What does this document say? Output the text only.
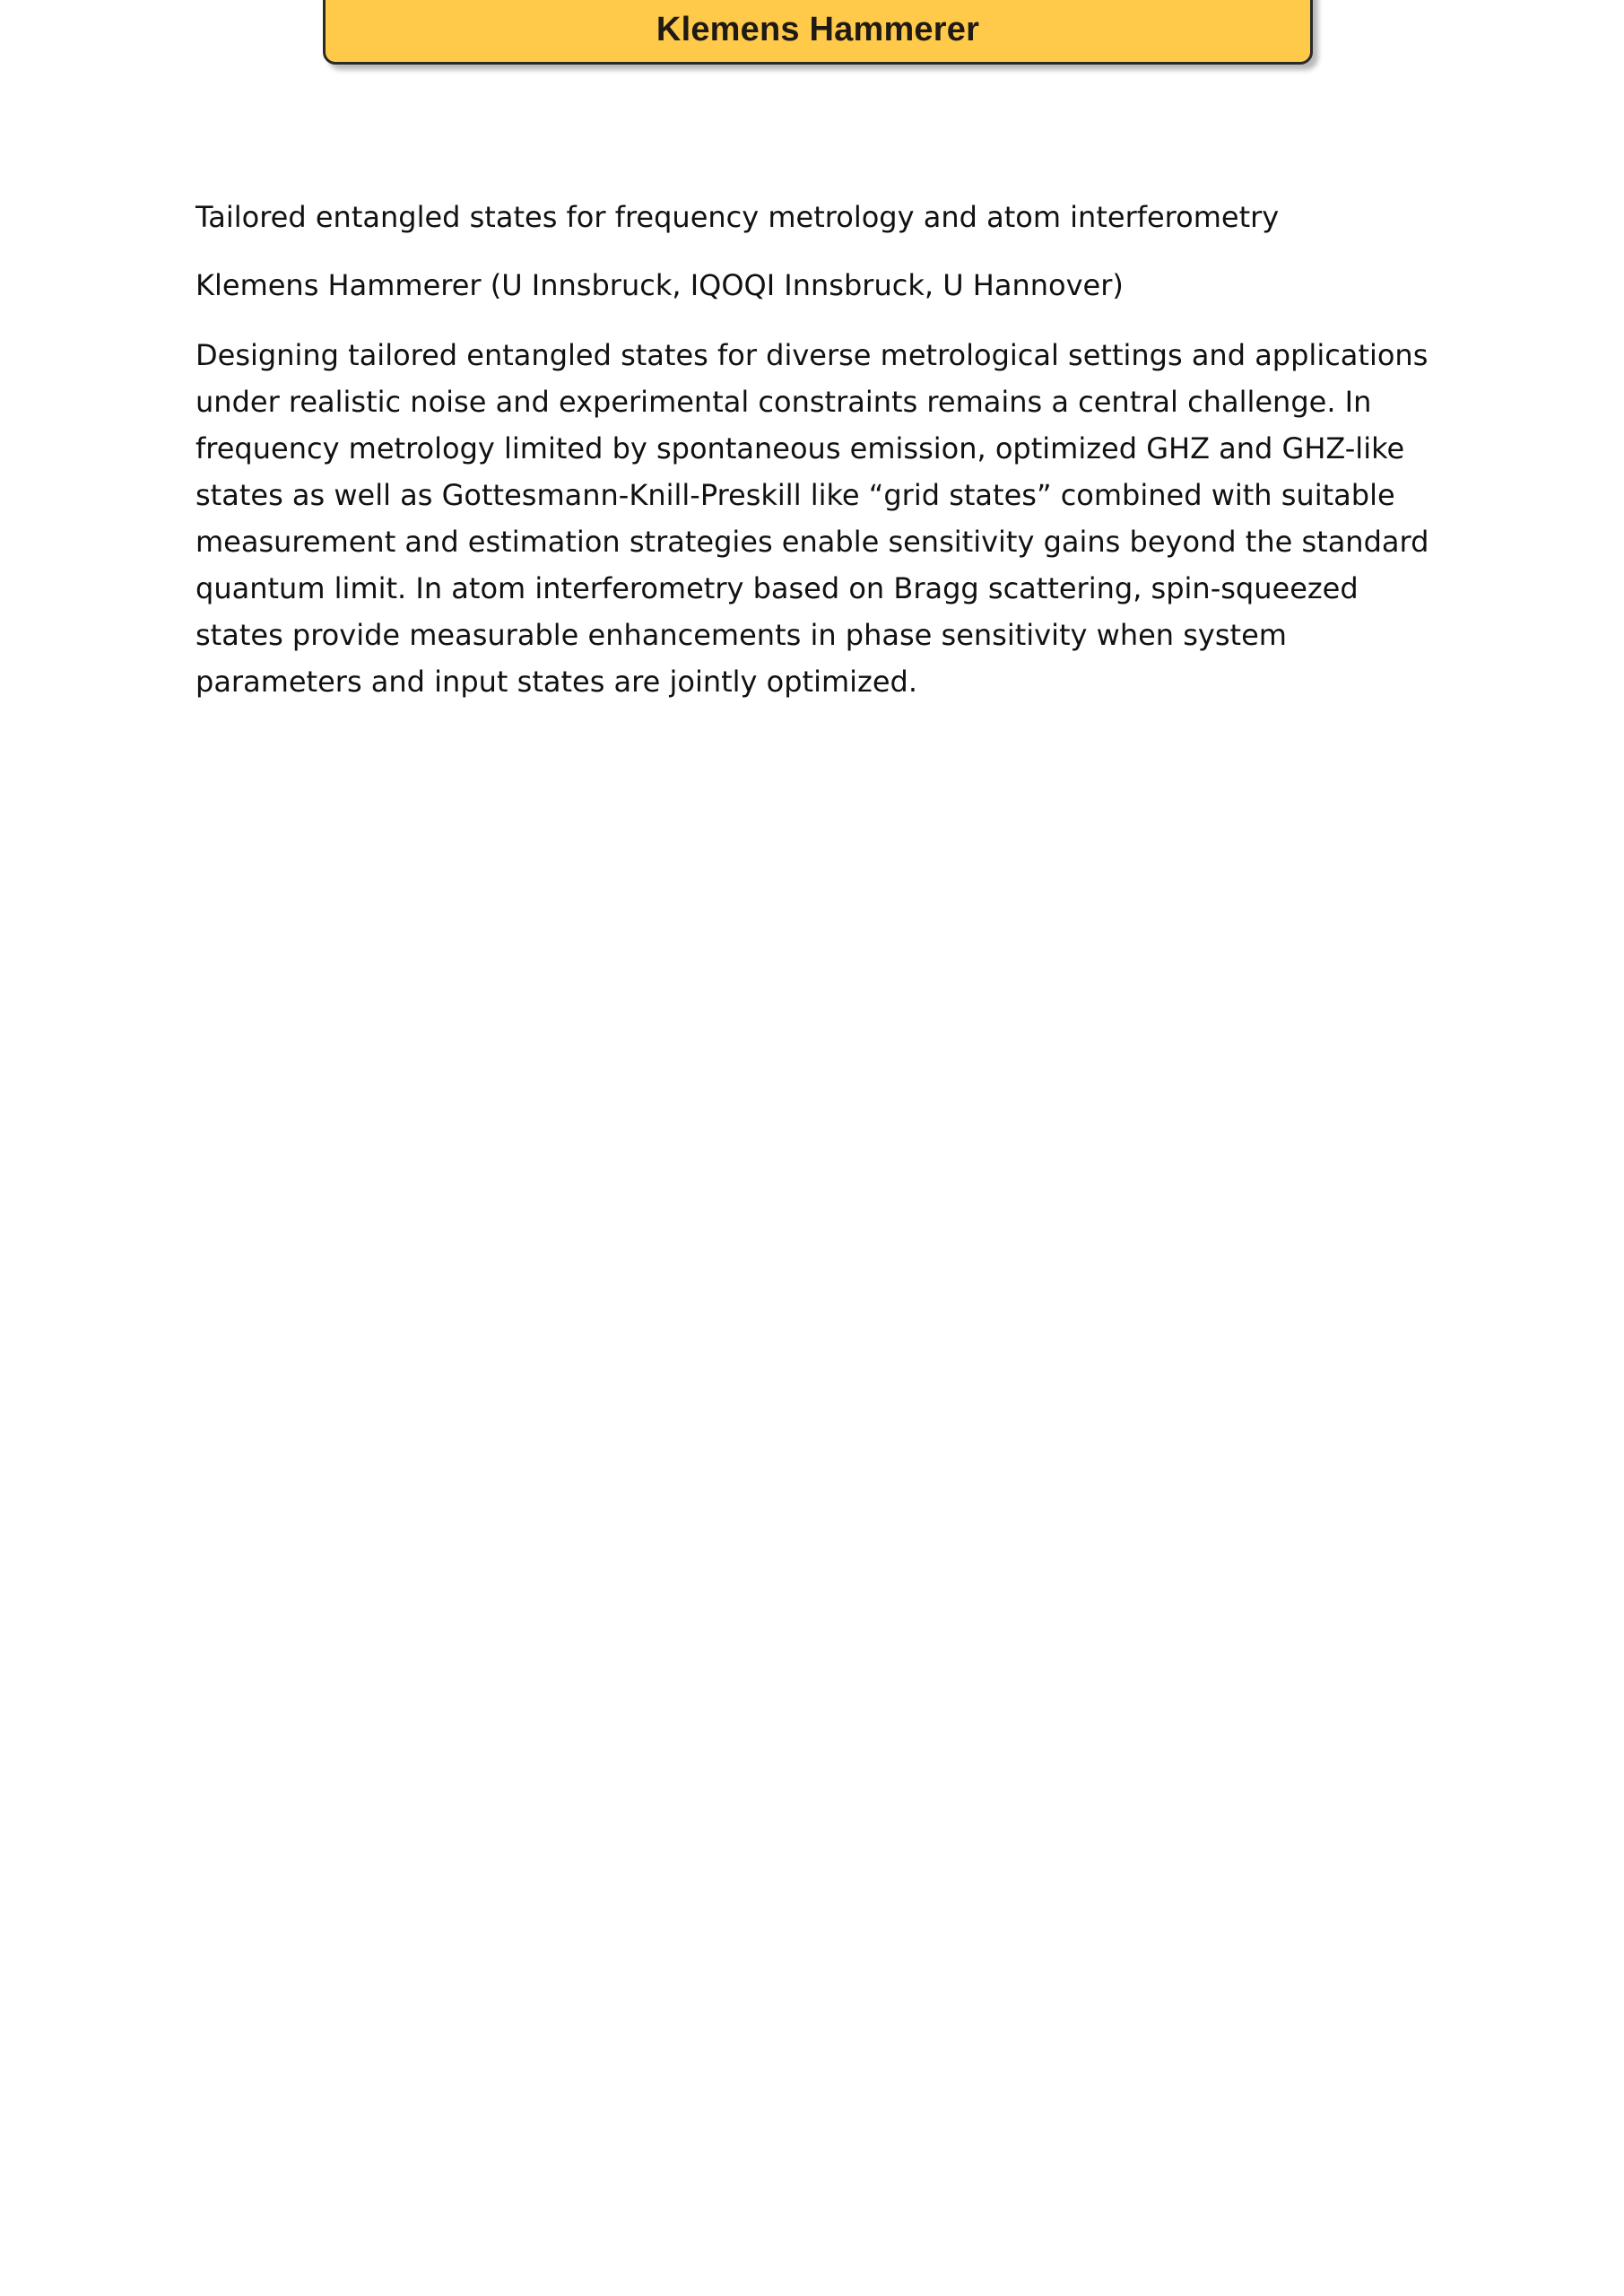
Klemens Hammerer

Tailored entangled states for frequency metrology and atom interferometry

Klemens Hammerer (U Innsbruck, IQOQI Innsbruck, U Hannover)

Designing tailored entangled states for diverse metrological settings and applications under realistic noise and experimental constraints remains a central challenge. In frequency metrology limited by spontaneous emission, optimized GHZ and GHZ-like states as well as Gottesmann-Knill-Preskill like “grid states” combined with suitable measurement and estimation strategies enable sensitivity gains beyond the standard quantum limit. In atom interferometry based on Bragg scattering, spin-squeezed states provide measurable enhancements in phase sensitivity when system parameters and input states are jointly optimized.
